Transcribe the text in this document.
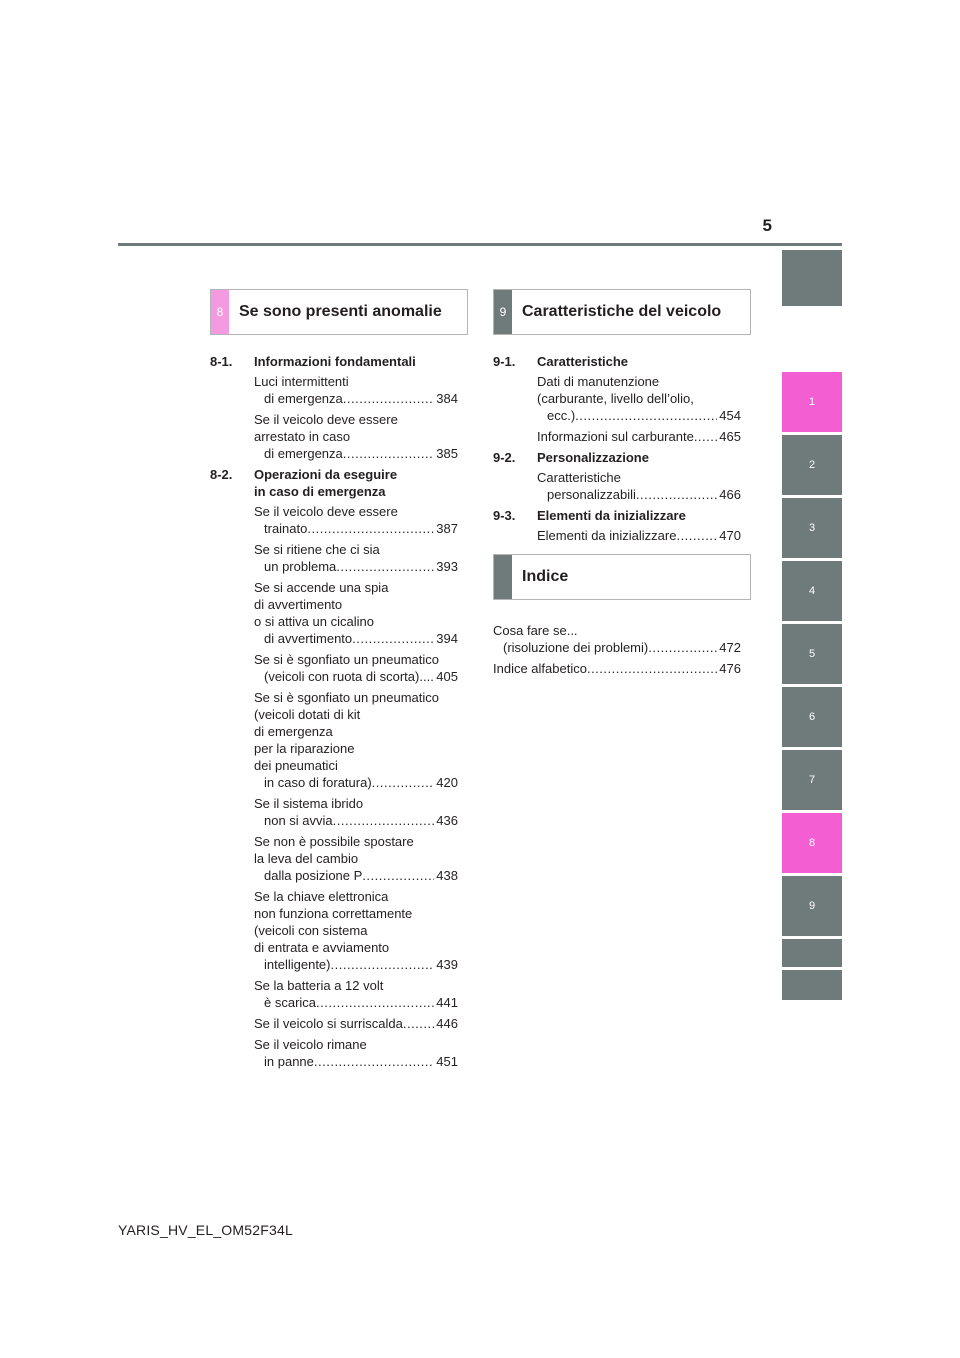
5
1
2
3
4
5
6
7
8
9
8 Se sono presenti anomalie	9 Caratteristiche del veicolo
8-1. Informazioni fondamentali
Luci intermittenti
di emergenza .....	384
Se il veicolo deve essere
arrestato in caso
di emergenza .....	385
8-2. Operazioni da eseguire
in caso di emergenza
Se il veicolo deve essere
trainato .....	387
Se si ritiene che ci sia
un problema .....	393
Se si accende una spia
di avvertimento
o si attiva un cicalino
di avvertimento .....	394
Se si è sgonfiato un pneumatico
(veicoli con ruota di scorta)... ..... 405
Se si è sgonfiato un pneumatico
(veicoli dotati di kit
di emergenza
per la riparazione
dei pneumatici
in caso di foratura) .....	420
Se il sistema ibrido
non si avvia .....	436
Se non è possibile spostare
la leva del cambio
dalla posizione P .....	438
Se la chiave elettronica
non funziona correttamente
(veicoli con sistema
di entrata e avviamento
intelligente) .....	439
Se la batteria a 12 volt
è scarica .....	441
Se il veicolo si surriscalda .....	446
Se il veicolo rimane
in panne .....	451
9-1. Caratteristiche
Dati di manutenzione
(carburante, livello dell’olio,
ecc.) .....	454
Informazioni sul carburante ..... 465
9-2. Personalizzazione
Caratteristiche
personalizzabili .....	466
9-3. Elementi da inizializzare
Elementi da inizializzare .....	470
Indice
Cosa fare se...
(risoluzione dei problemi) .....	472
Indice alfabetico .....	476
YARIS_HV_EL_OM52F34L
